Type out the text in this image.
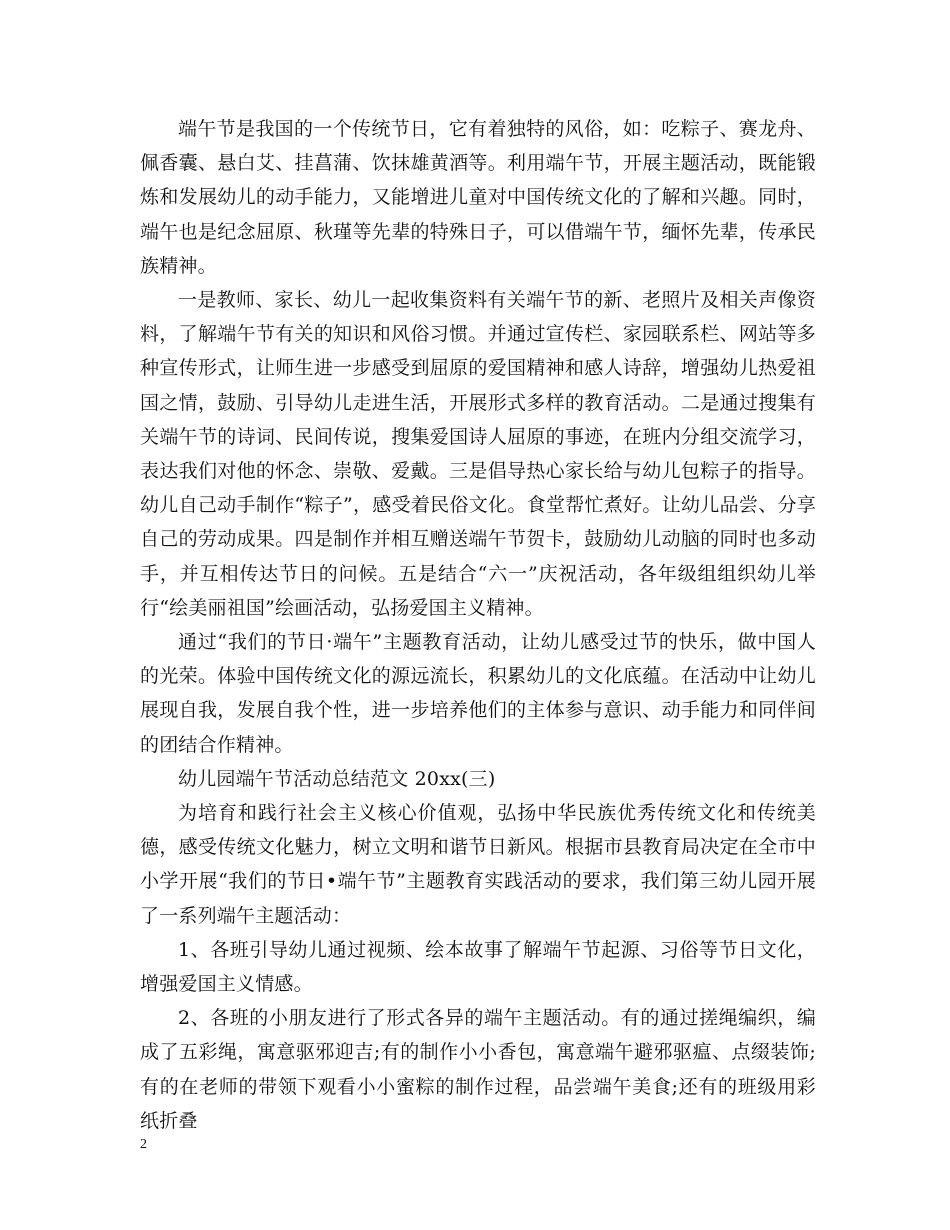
端午节是我国的一个传统节日，它有着独特的风俗，如：吃粽子、赛龙舟、佩香囊、悬白艾、挂菖蒲、饮抹雄黄酒等。利用端午节，开展主题活动，既能锻炼和发展幼儿的动手能力，又能增进儿童对中国传统文化的了解和兴趣。同时，端午也是纪念屈原、秋瑾等先辈的特殊日子，可以借端午节，缅怀先辈，传承民族精神。

一是教师、家长、幼儿一起收集资料有关端午节的新、老照片及相关声像资料，了解端午节有关的知识和风俗习惯。并通过宣传栏、家园联系栏、网站等多种宣传形式，让师生进一步感受到屈原的爱国精神和感人诗辞，增强幼儿热爱祖国之情，鼓励、引导幼儿走进生活，开展形式多样的教育活动。二是通过搜集有关端午节的诗词、民间传说，搜集爱国诗人屈原的事迹，在班内分组交流学习，表达我们对他的怀念、崇敬、爱戴。三是倡导热心家长给与幼儿包粽子的指导。幼儿自己动手制作“粽子”，感受着民俗文化。食堂帮忙煮好。让幼儿品尝、分享自己的劳动成果。四是制作并相互赠送端午节贺卡，鼓励幼儿动脑的同时也多动手，并互相传达节日的问候。五是结合“六一”庆祝活动，各年级组组织幼儿举行“绘美丽祖国”绘画活动，弘扬爱国主义精神。

通过“我们的节日·端午”主题教育活动，让幼儿感受过节的快乐，做中国人的光荣。体验中国传统文化的源远流长，积累幼儿的文化底蕴。在活动中让幼儿展现自我，发展自我个性，进一步培养他们的主体参与意识、动手能力和同伴间的团结合作精神。

幼儿园端午节活动总结范文 20xx(三)

为培育和践行社会主义核心价值观，弘扬中华民族优秀传统文化和传统美德，感受传统文化魅力，树立文明和谐节日新风。根据市县教育局决定在全市中小学开展“我们的节日•端午节”主题教育实践活动的要求，我们第三幼儿园开展了一系列端午主题活动：

1、各班引导幼儿通过视频、绘本故事了解端午节起源、习俗等节日文化，增强爱国主义情感。

2、各班的小朋友进行了形式各异的端午主题活动。有的通过搓绳编织，编成了五彩绳，寓意驱邪迎吉;有的制作小小香包，寓意端午避邪驱瘟、点缀装饰;有的在老师的带领下观看小小蜜粽的制作过程，品尝端午美食;还有的班级用彩纸折叠

2
